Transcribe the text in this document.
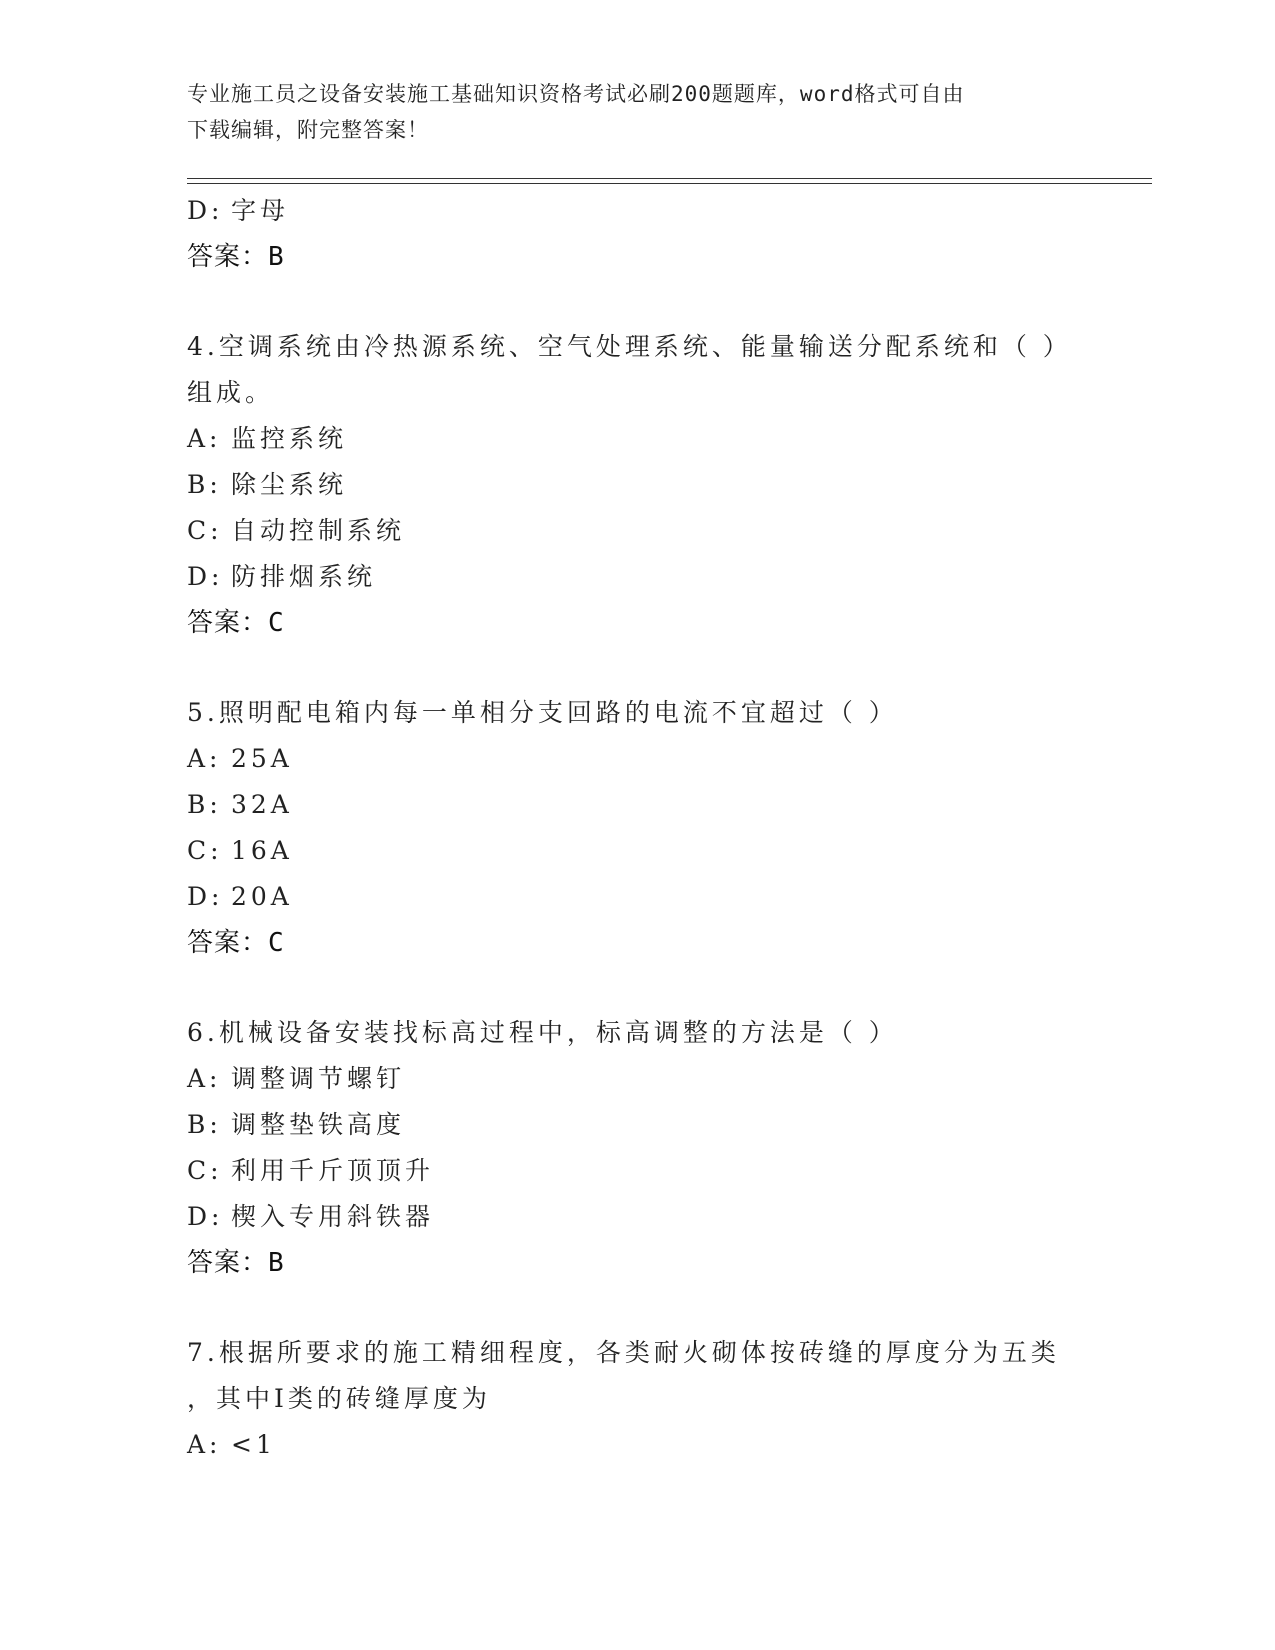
专业施工员之设备安装施工基础知识资格考试必刷200题题库，word格式可自由
下载编辑，附完整答案！
D: 字母
答案：B
4.空调系统由冷热源系统、空气处理系统、能量输送分配系统和（ ）
组成。
A: 监控系统
B: 除尘系统
C: 自动控制系统
D: 防排烟系统
答案：C
5.照明配电箱内每一单相分支回路的电流不宜超过（ ）
A: 25A
B: 32A
C: 16A
D: 20A
答案：C
6.机械设备安装找标高过程中，标高调整的方法是（ ）
A: 调整调节螺钉
B: 调整垫铁高度
C: 利用千斤顶顶升
D: 楔入专用斜铁器
答案：B
7.根据所要求的施工精细程度，各类耐火砌体按砖缝的厚度分为五类
，其中Ⅰ类的砖缝厚度为
A: <1
